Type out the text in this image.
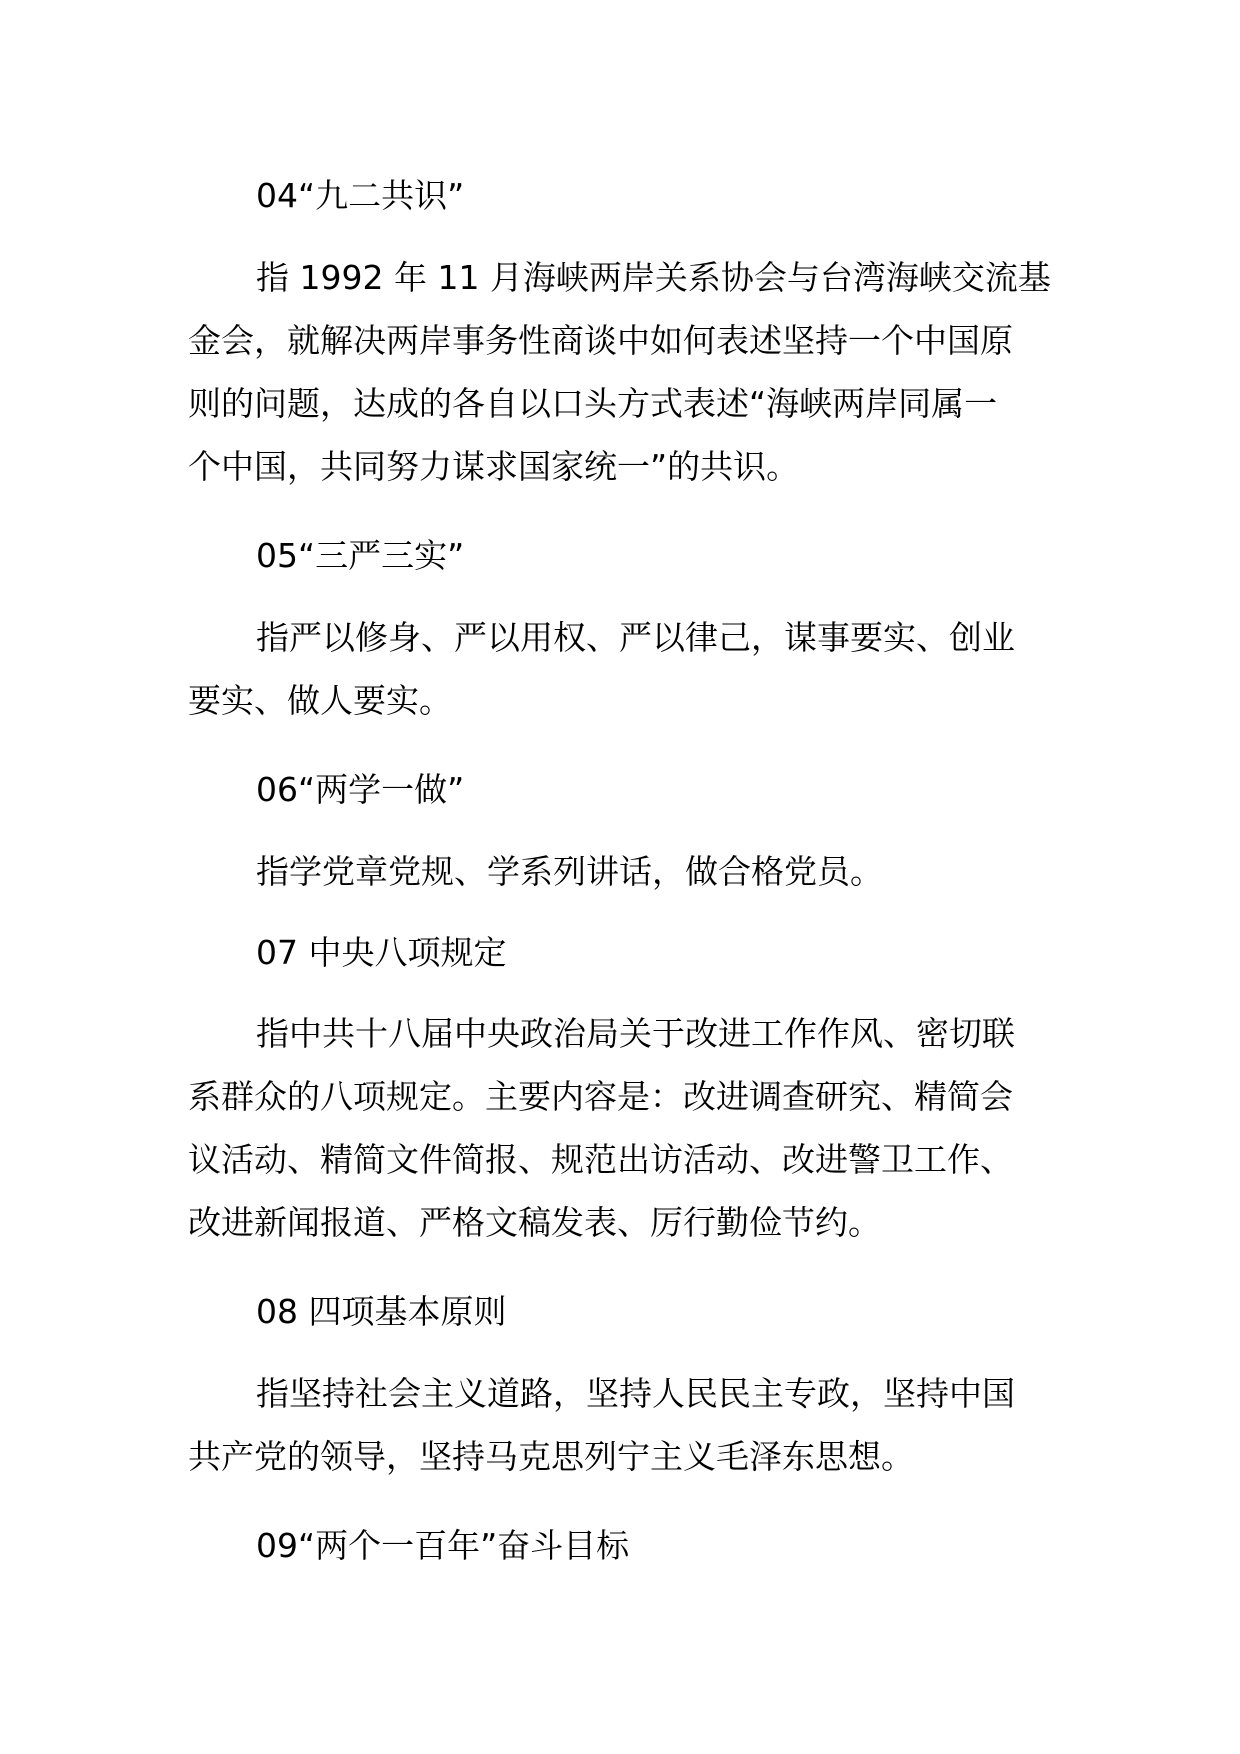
04“九二共识”
指 1992 年 11 月海峡两岸关系协会与台湾海峡交流基
金会，就解决两岸事务性商谈中如何表述坚持一个中国原
则的问题，达成的各自以口头方式表述“海峡两岸同属一
个中国，共同努力谋求国家统一”的共识。
05“三严三实”
指严以修身、严以用权、严以律己，谋事要实、创业
要实、做人要实。
06“两学一做”
指学党章党规、学系列讲话，做合格党员。
07 中央八项规定
指中共十八届中央政治局关于改进工作作风、密切联
系群众的八项规定。主要内容是：改进调查研究、精简会
议活动、精简文件简报、规范出访活动、改进警卫工作、
改进新闻报道、严格文稿发表、厉行勤俭节约。
08 四项基本原则
指坚持社会主义道路，坚持人民民主专政，坚持中国
共产党的领导，坚持马克思列宁主义毛泽东思想。
09“两个一百年”奋斗目标
